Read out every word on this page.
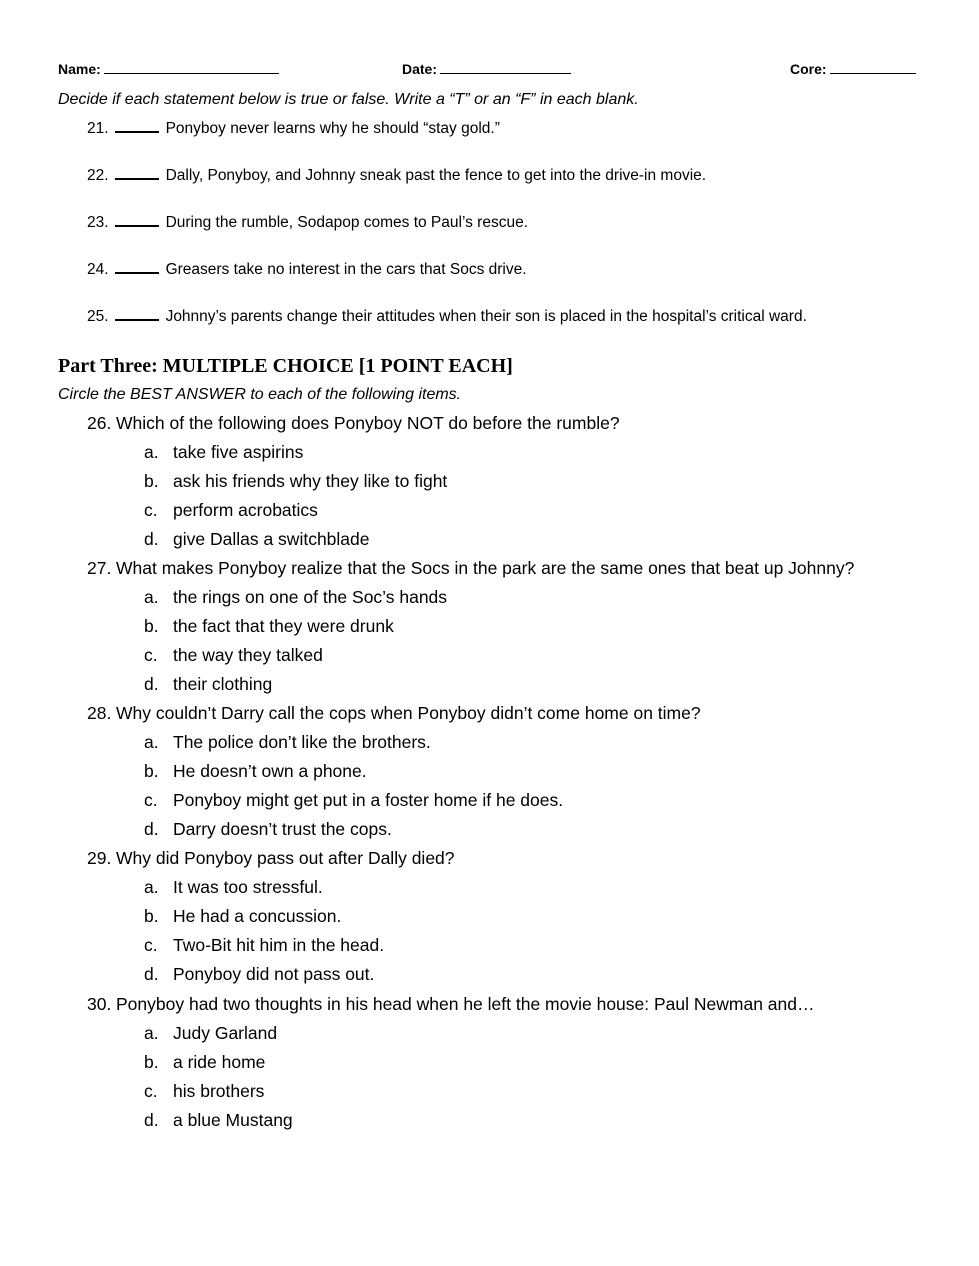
Name:	Date:	Core:
Decide if each statement below is true or false. Write a “T” or an “F” in each blank.
21.	Ponyboy never learns why he should “stay gold.”
22.	Dally, Ponyboy, and Johnny sneak past the fence to get into the drive-in movie.
23.	During the rumble, Sodapop comes to Paul’s rescue.
24.	Greasers take no interest in the cars that Socs drive.
25.	Johnny’s parents change their attitudes when their son is placed in the hospital’s critical ward.
Part Three: MULTIPLE CHOICE [1 POINT EACH]
Circle the BEST ANSWER to each of the following items.
26. Which of the following does Ponyboy NOT do before the rumble?
a. take five aspirins
b. ask his friends why they like to fight
c. perform acrobatics
d. give Dallas a switchblade
27. What makes Ponyboy realize that the Socs in the park are the same ones that beat up Johnny?
a. the rings on one of the Soc’s hands
b. the fact that they were drunk
c. the way they talked
d. their clothing
28. Why couldn’t Darry call the cops when Ponyboy didn’t come home on time?
a. The police don’t like the brothers.
b. He doesn’t own a phone.
c. Ponyboy might get put in a foster home if he does.
d. Darry doesn’t trust the cops.
29. Why did Ponyboy pass out after Dally died?
a. It was too stressful.
b. He had a concussion.
c. Two-Bit hit him in the head.
d. Ponyboy did not pass out.
30. Ponyboy had two thoughts in his head when he left the movie house: Paul Newman and…
a. Judy Garland
b. a ride home
c. his brothers
d. a blue Mustang
